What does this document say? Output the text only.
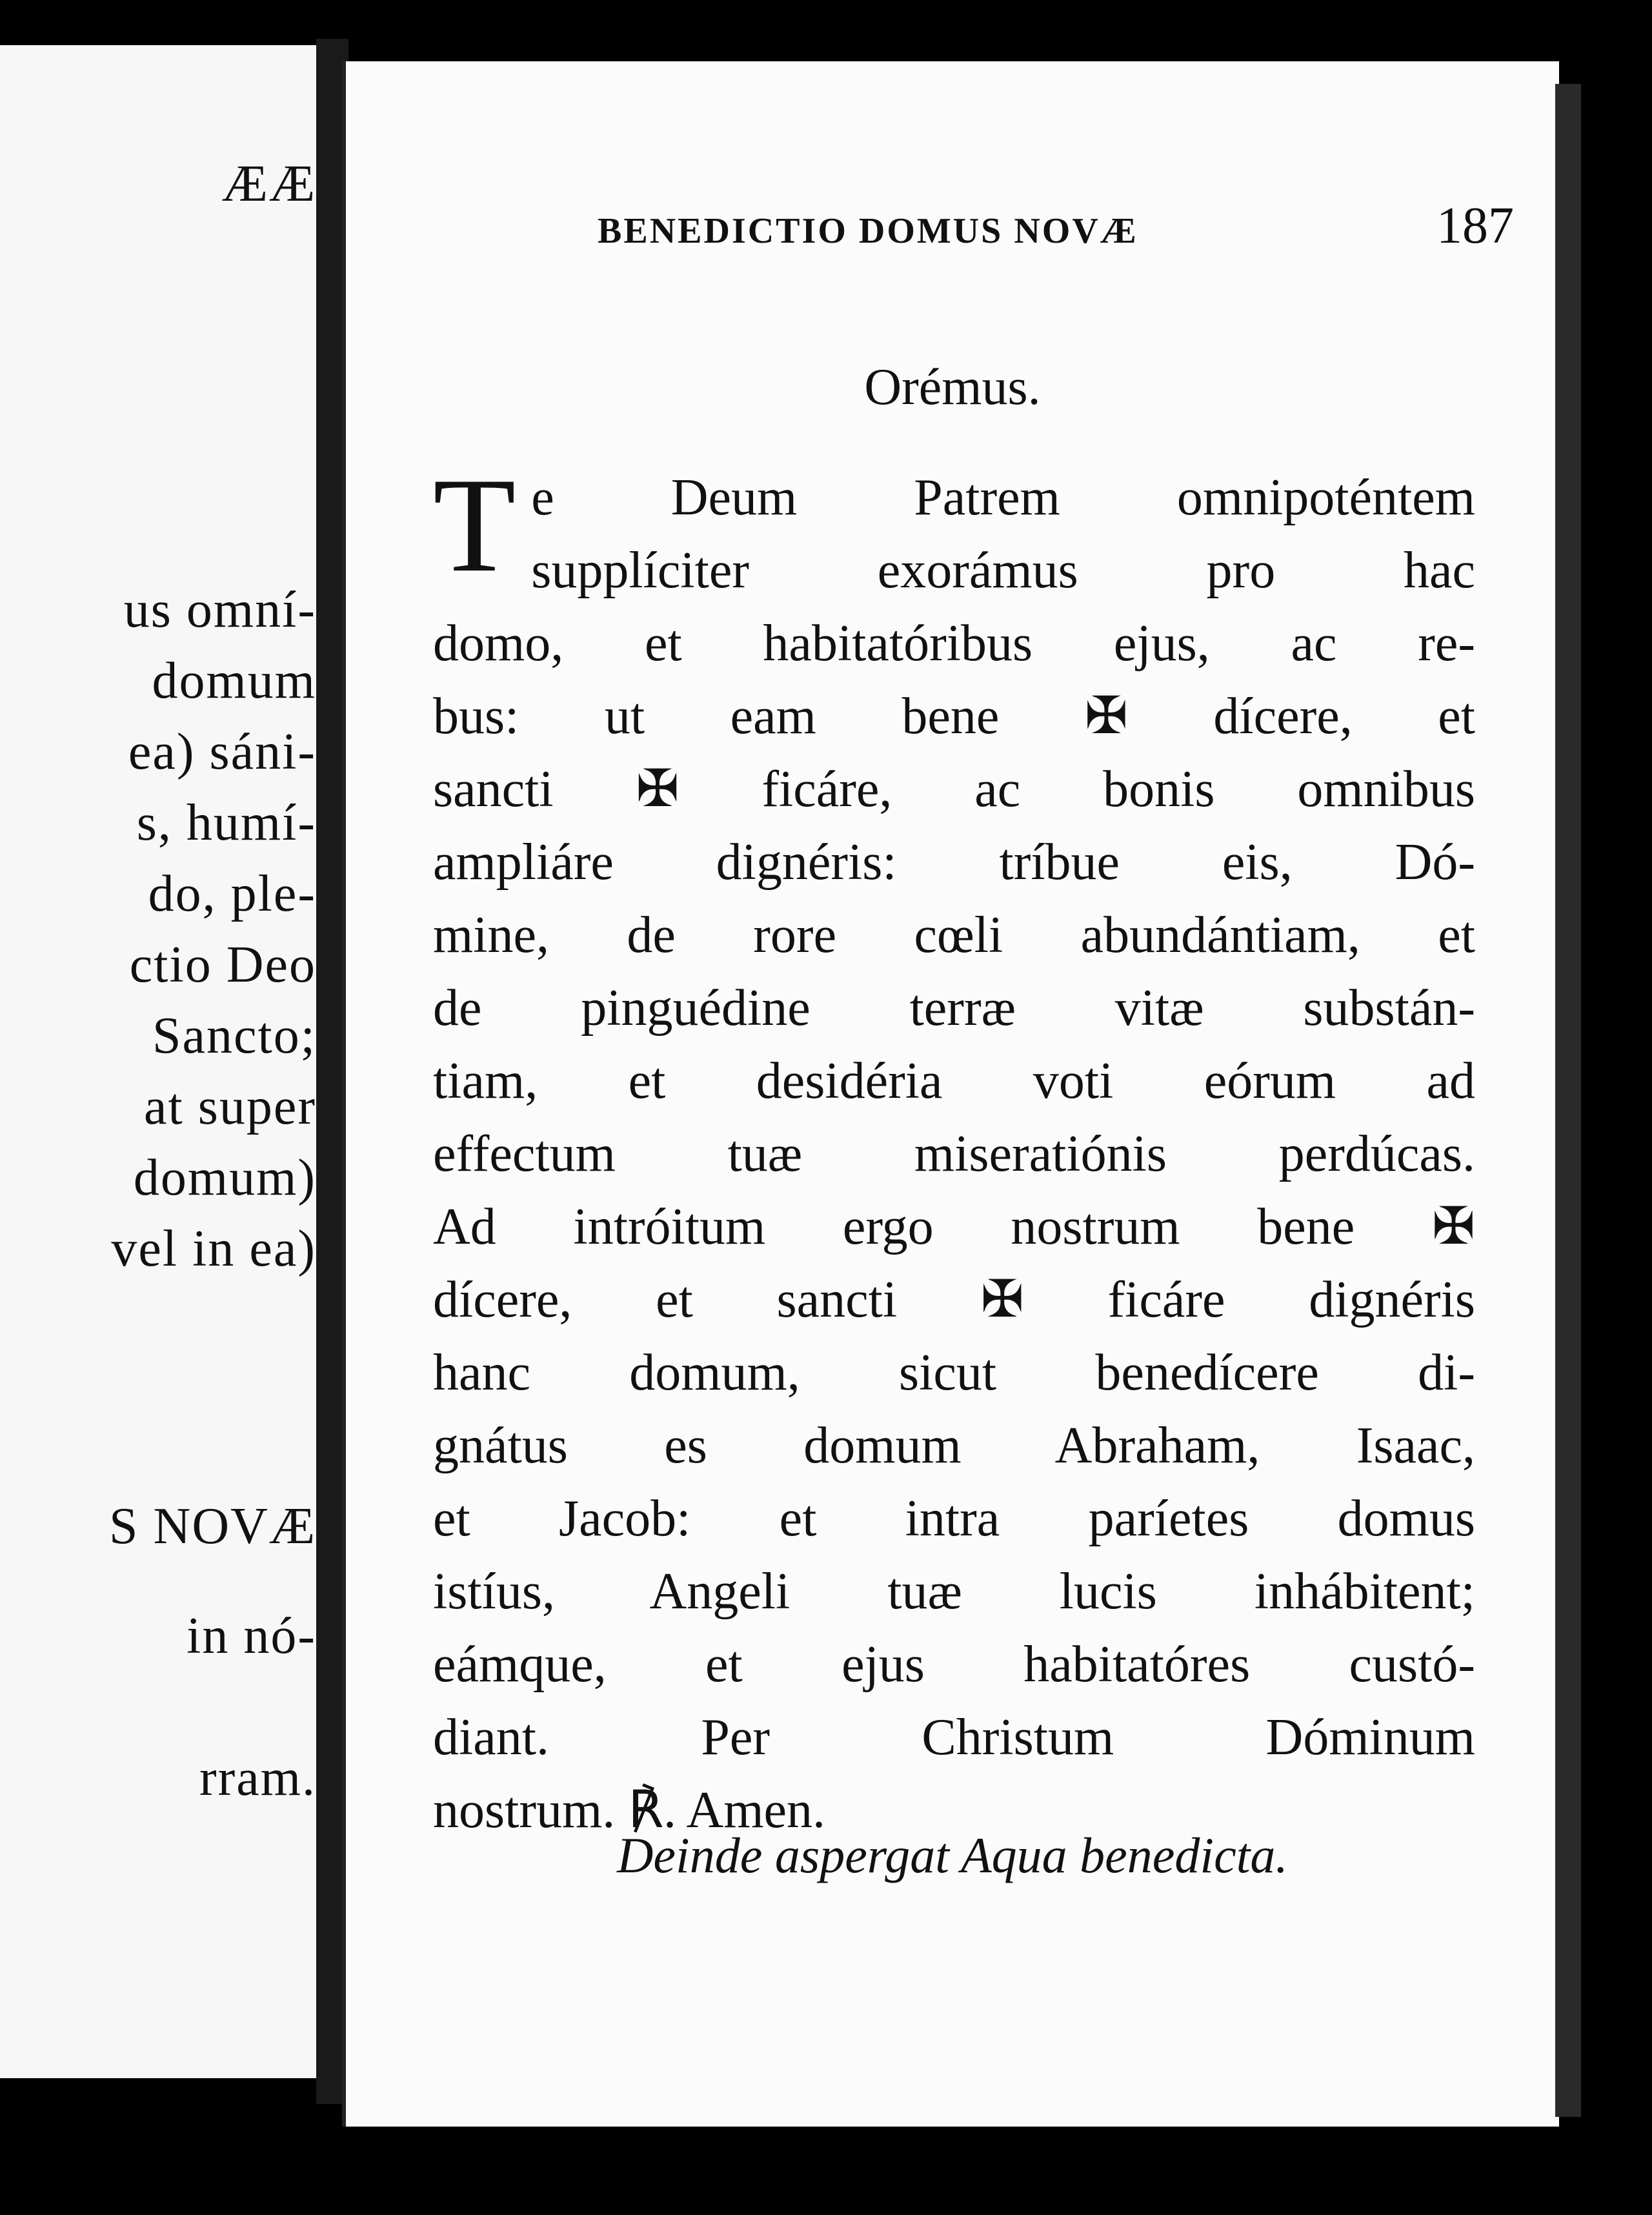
ÆÆ
us omní-
domum
ea) sáni-
s, humí-
do, ple-
ctio Deo
Sancto;
at super
domum)
vel in ea)
S NOVÆ
in nó-
rram.
BENEDICTIO DOMUS NOVÆ	187
Orémus.
T e Deum Patrem omnipoténtem
supplíciter exorámus pro hac
domo, et habitatóribus ejus, ac re-
bus: ut eam bene ✠ dícere, et
sancti ✠ ficáre, ac bonis omnibus
ampliáre dignéris: tríbue eis, Dó-
mine, de rore cœli abundántiam, et
de pinguédine terræ vitæ substán-
tiam, et desidéria voti eórum ad
effectum tuæ miseratiónis perdúcas.
Ad intróitum ergo nostrum bene ✠
dícere, et sancti ✠ ficáre dignéris
hanc domum, sicut benedícere di-
gnátus es domum Abraham, Isaac,
et Jacob: et intra paríetes domus
istíus, Angeli tuæ lucis inhábitent;
eámque, et ejus habitatóres custó-
diant. Per Christum Dóminum
nostrum. ℟. Amen.
Deinde aspergat Aqua benedicta.
